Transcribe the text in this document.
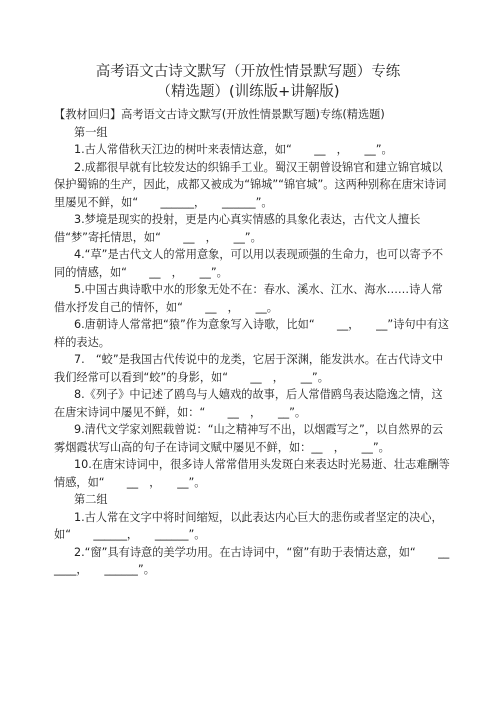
高考语文古诗文默写（开放性情景默写题）专练（精选题）(训练版+讲解版)

【教材回归】高考语文古诗文默写(开放性情景默写题)专练(精选题)

第一组

1.古人常借秋天江边的树叶来表情达意，如“　　__　，　　__”。

2.成都很早就有比较发达的织锦手工业。蜀汉王朝曾设锦官和建立锦官城以保护蜀锦的生产，因此，成都又被成为“锦城”“锦官城”。这两种别称在唐宋诗词里屡见不鲜，如“　　______，　　______”。

3.梦境是现实的投射，更是内心真实情感的具象化表达，古代文人擅长借“梦”寄托情思，如“　　__　，　　__”。

4.“草”是古代文人的常用意象，可以用以表现顽强的生命力，也可以寄予不同的情感，如“　　__　，　　__”。

5.中国古典诗歌中水的形象无处不在：春水、溪水、江水、海水……诗人常借水抒发自己的情怀，如“　　__　，　　__。

6.唐朝诗人常常把“猿”作为意象写入诗歌，比如“　　__，　　__”诗句中有这样的表达。

7.　“蛟”是我国古代传说中的龙类，它居于深渊，能发洪水。在古代诗文中我们经常可以看到“蛟”的身影，如“　　__　，　　__”。

8.《列子》中记述了鸥鸟与人嬉戏的故事，后人常借鸥鸟表达隐逸之情，这在唐宋诗词中屡见不鲜，如：“　　__　，　　__”。

9.清代文学家刘熙载曾说：“山之精神写不出，以烟霞写之”，以自然界的云雾烟霞状写山高的句子在诗词文赋中屡见不鲜，如：__　，　　__”。

10.在唐宋诗词中，很多诗人常常借用头发斑白来表达时光易逝、壮志难酬等情感，如“　　__　，　　__”。

第二组

1.古人常在文字中将时间缩短，以此表达内心巨大的悲伤或者坚定的决心，如“　　______，　　______”。

2.“窗”具有诗意的美学功用。在古诗词中，“窗”有助于表情达意，如“　　______，　　______”。
